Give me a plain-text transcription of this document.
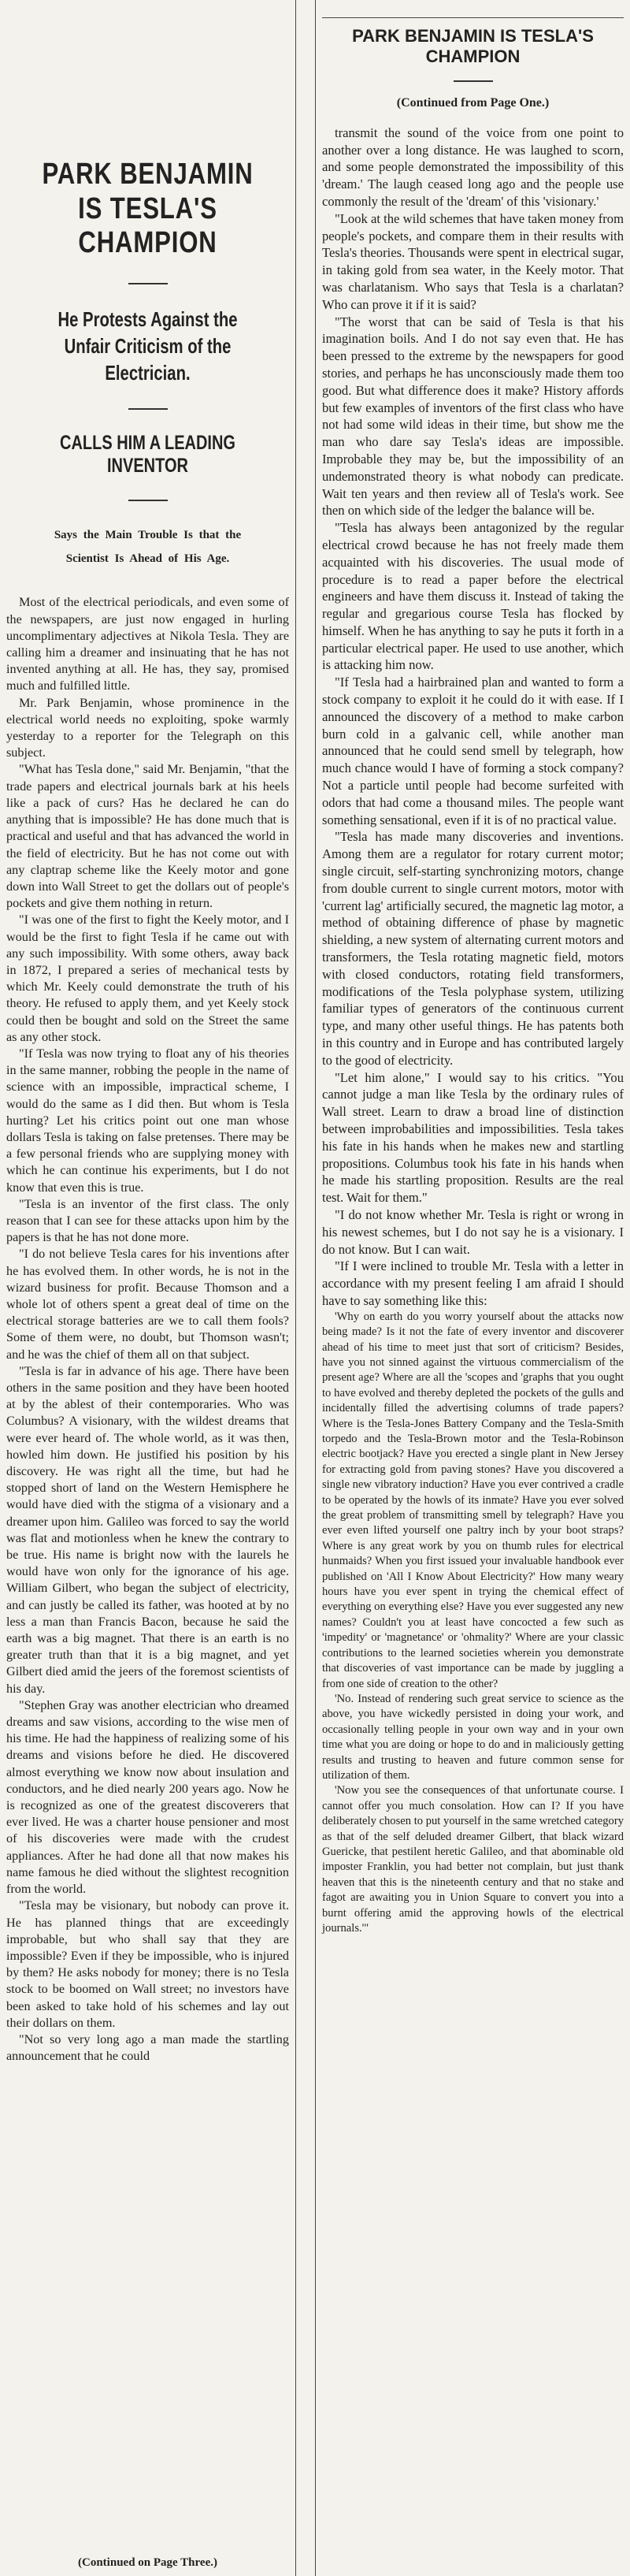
PARK BENJAMIN IS TESLA'S CHAMPION
He Protests Against the Unfair Criticism of the Electrician.
CALLS HIM A LEADING INVENTOR
Says the Main Trouble Is that the Scientist Is Ahead of His Age.

Most of the electrical periodicals, and even some of the newspapers, are just now engaged in hurling uncomplimentary adjectives at Nikola Tesla. They are calling him a dreamer and insinuating that he has not invented anything at all. He has, they say, promised much and fulfilled little.

Mr. Park Benjamin, whose prominence in the electrical world needs no exploiting, spoke warmly yesterday to a reporter for the Telegraph on this subject.

"What has Tesla done," said Mr. Benjamin, "that the trade papers and electrical journals bark at his heels like a pack of curs? Has he declared he can do anything that is impossible? He has done much that is practical and useful and that has advanced the world in the field of electricity. But he has not come out with any claptrap scheme like the Keely motor and gone down into Wall Street to get the dollars out of people's pockets and give them nothing in return.

"I was one of the first to fight the Keely motor, and I would be the first to fight Tesla if he came out with any such impossibility. With some others, away back in 1872, I prepared a series of mechanical tests by which Mr. Keely could demonstrate the truth of his theory. He refused to apply them, and yet Keely stock could then be bought and sold on the Street the same as any other stock.

"If Tesla was now trying to float any of his theories in the same manner, robbing the people in the name of science with an impossible, impractical scheme, I would do the same as I did then. But whom is Tesla hurting? Let his critics point out one man whose dollars Tesla is taking on false pretenses. There may be a few personal friends who are supplying money with which he can continue his experiments, but I do not know that even this is true.

"Tesla is an inventor of the first class. The only reason that I can see for these attacks upon him by the papers is that he has not done more.

"I do not believe Tesla cares for his inventions after he has evolved them. In other words, he is not in the wizard business for profit. Because Thomson and a whole lot of others spent a great deal of time on the electrical storage batteries are we to call them fools? Some of them were, no doubt, but Thomson wasn't; and he was the chief of them all on that subject.

"Tesla is far in advance of his age. There have been others in the same position and they have been hooted at by the ablest of their contemporaries. Who was Columbus? A visionary, with the wildest dreams that were ever heard of. The whole world, as it was then, howled him down. He justified his position by his discovery. He was right all the time, but had he stopped short of land on the Western Hemisphere he would have died with the stigma of a visionary and a dreamer upon him. Galileo was forced to say the world was flat and motionless when he knew the contrary to be true. His name is bright now with the laurels he would have won only for the ignorance of his age. William Gilbert, who began the subject of electricity, and can justly be called its father, was hooted at by no less a man than Francis Bacon, because he said the earth was a big magnet. That there is an earth is no greater truth than that it is a big magnet, and yet Gilbert died amid the jeers of the foremost scientists of his day.

"Stephen Gray was another electrician who dreamed dreams and saw visions, according to the wise men of his time. He had the happiness of realizing some of his dreams and visions before he died. He discovered almost everything we know now about insulation and conductors, and he died nearly 200 years ago. Now he is recognized as one of the greatest discoverers that ever lived. He was a charter house pensioner and most of his discoveries were made with the crudest appliances. After he had done all that now makes his name famous he died without the slightest recognition from the world.

"Tesla may be visionary, but nobody can prove it. He has planned things that are exceedingly improbable, but who shall say that they are impossible? Even if they be impossible, who is injured by them? He asks nobody for money; there is no Tesla stock to be boomed on Wall street; no investors have been asked to take hold of his schemes and lay out their dollars on them.

"Not so very long ago a man made the startling announcement that he could

(Continued on Page Three.)
PARK BENJAMIN IS TESLA'S CHAMPION
(Continued from Page One.)

transmit the sound of the voice from one point to another over a long distance. He was laughed to scorn, and some people demonstrated the impossibility of this 'dream.' The laugh ceased long ago and the people use commonly the result of the 'dream' of this 'visionary.'

"Look at the wild schemes that have taken money from people's pockets, and compare them in their results with Tesla's theories. Thousands were spent in electrical sugar, in taking gold from sea water, in the Keely motor. That was charlatanism. Who says that Tesla is a charlatan? Who can prove it if it is said?

"The worst that can be said of Tesla is that his imagination boils. And I do not say even that. He has been pressed to the extreme by the newspapers for good stories, and perhaps he has unconsciously made them too good. But what difference does it make? History affords but few examples of inventors of the first class who have not had some wild ideas in their time, but show me the man who dare say Tesla's ideas are impossible. Improbable they may be, but the impossibility of an undemonstrated theory is what nobody can predicate. Wait ten years and then review all of Tesla's work. See then on which side of the ledger the balance will be.

"Tesla has always been antagonized by the regular electrical crowd because he has not freely made them acquainted with his discoveries. The usual mode of procedure is to read a paper before the electrical engineers and have them discuss it. Instead of taking the regular and gregarious course Tesla has flocked by himself. When he has anything to say he puts it forth in a particular electrical paper. He used to use another, which is attacking him now.

"If Tesla had a hairbrained plan and wanted to form a stock company to exploit it he could do it with ease. If I announced the discovery of a method to make carbon burn cold in a galvanic cell, while another man announced that he could send smell by telegraph, how much chance would I have of forming a stock company? Not a particle until people had become surfeited with odors that had come a thousand miles. The people want something sensational, even if it is of no practical value.

"Tesla has made many discoveries and inventions. Among them are a regulator for rotary current motor; single circuit, self-starting synchronizing motors, change from double current to single current motors, motor with 'current lag' artificially secured, the magnetic lag motor, a method of obtaining difference of phase by magnetic shielding, a new system of alternating current motors and transformers, the Tesla rotating magnetic field, motors with closed conductors, rotating field transformers, modifications of the Tesla polyphase system, utilizing familiar types of generators of the continuous current type, and many other useful things. He has patents both in this country and in Europe and has contributed largely to the good of electricity.

"Let him alone," I would say to his critics. "You cannot judge a man like Tesla by the ordinary rules of Wall street. Learn to draw a broad line of distinction between improbabilities and impossibilities. Tesla takes his fate in his hands when he makes new and startling propositions. Columbus took his fate in his hands when he made his startling proposition. Results are the real test. Wait for them."

"I do not know whether Mr. Tesla is right or wrong in his newest schemes, but I do not say he is a visionary. I do not know. But I can wait.

"If I were inclined to trouble Mr. Tesla with a letter in accordance with my present feeling I am afraid I should have to say something like this:

'Why on earth do you worry yourself about the attacks now being made? Is it not the fate of every inventor and discoverer ahead of his time to meet just that sort of criticism? Besides, have you not sinned against the virtuous commercialism of the present age? Where are all the 'scopes and 'graphs that you ought to have evolved and thereby depleted the pockets of the gulls and incidentally filled the advertising columns of trade papers? Where is the Tesla-Jones Battery Company and the Tesla-Smith torpedo and the Tesla-Brown motor and the Tesla-Robinson electric bootjack? Have you erected a single plant in New Jersey for extracting gold from paving stones? Have you discovered a single new vibratory induction? Have you ever contrived a cradle to be operated by the howls of its inmate? Have you ever solved the great problem of transmitting smell by telegraph? Have you ever even lifted yourself one paltry inch by your boot straps? Where is any great work by you on thumb rules for electrical hunmaids? When you first issued your invaluable handbook ever published on 'All I Know About Electricity?' How many weary hours have you ever spent in trying the chemical effect of everything on everything else? Have you ever suggested any new names? Couldn't you at least have concocted a few such as 'impedity' or 'magnetance' or 'ohmality?' Where are your classic contributions to the learned societies wherein you demonstrate that discoveries of vast importance can be made by juggling a from one side of creation to the other?

'No. Instead of rendering such great service to science as the above, you have wickedly persisted in doing your work, and occasionally telling people in your own way and in your own time what you are doing or hope to do and in maliciously getting results and trusting to heaven and future common sense for utilization of them.

'Now you see the consequences of that unfortunate course. I cannot offer you much consolation. How can I? If you have deliberately chosen to put yourself in the same wretched category as that of the self deluded dreamer Gilbert, that black wizard Guericke, that pestilent heretic Galileo, and that abominable old imposter Franklin, you had better not complain, but just thank heaven that this is the nineteenth century and that no stake and fagot are awaiting you in Union Square to convert you into a burnt offering amid the approving howls of the electrical journals.'"
